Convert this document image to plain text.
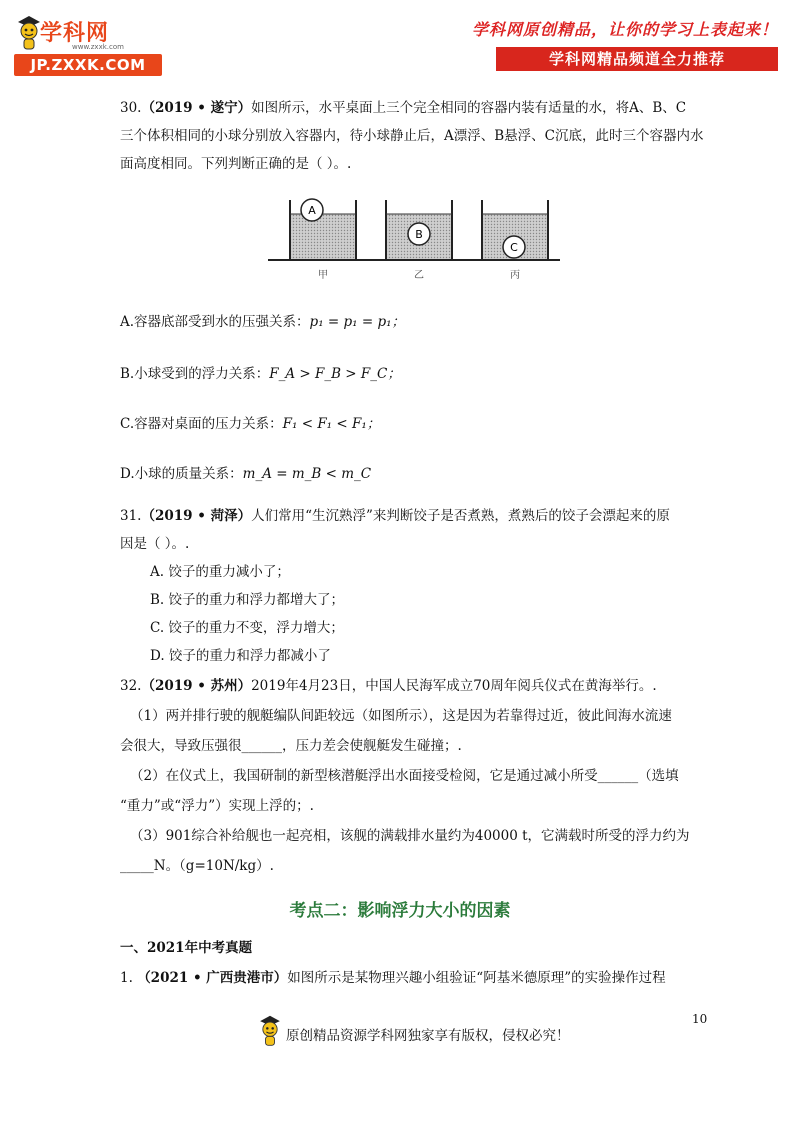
学科网
www.zxxk.com
JP.ZXXK.COM
学科网原创精品，让你的学习上表起来！
学科网精品频道全力推荐
30.（2019 • 遂宁）如图所示，水平桌面上三个完全相同的容器内装有适量的水，将A、B、C
三个体积相同的小球分别放入容器内，待小球静止后，A漂浮、B悬浮、C沉底，此时三个容器内水
面高度相同。下列判断正确的是（ ）。.
A
B
C
甲	乙	丙
A.容器底部受到水的压强关系：p₁ = p₁ = p₁；
B.小球受到的浮力关系：F_A > F_B > F_C；
C.容器对桌面的压力关系：F₁ < F₁ < F₁；
D.小球的质量关系：m_A = m_B < m_C
31.（2019 • 菏泽）人们常用“生沉熟浮”来判断饺子是否煮熟，煮熟后的饺子会漂起来的原
因是（ ）。.
A. 饺子的重力减小了；
B. 饺子的重力和浮力都增大了；
C. 饺子的重力不变，浮力增大；
D. 饺子的重力和浮力都减小了
32.（2019 • 苏州）2019年4月23日，中国人民海军成立70周年阅兵仪式在黄海举行。.
（1）两并排行驶的舰艇编队间距较远（如图所示），这是因为若靠得过近，彼此间海水流速
会很大，导致压强很______，压力差会使舰艇发生碰撞；.
（2）在仪式上，我国研制的新型核潜艇浮出水面接受检阅，它是通过减小所受______（选填
“重力”或“浮力”）实现上浮的；.
（3）901综合补给舰也一起亮相，该舰的满载排水量约为40000 t，它满载时所受的浮力约为
_____N。（g=10N/kg）.
考点二：影响浮力大小的因素
一、2021年中考真题
1. （2021 • 广西贵港市）如图所示是某物理兴趣小组验证“阿基米德原理”的实验操作过程
10
原创精品资源学科网独家享有版权，侵权必究！
